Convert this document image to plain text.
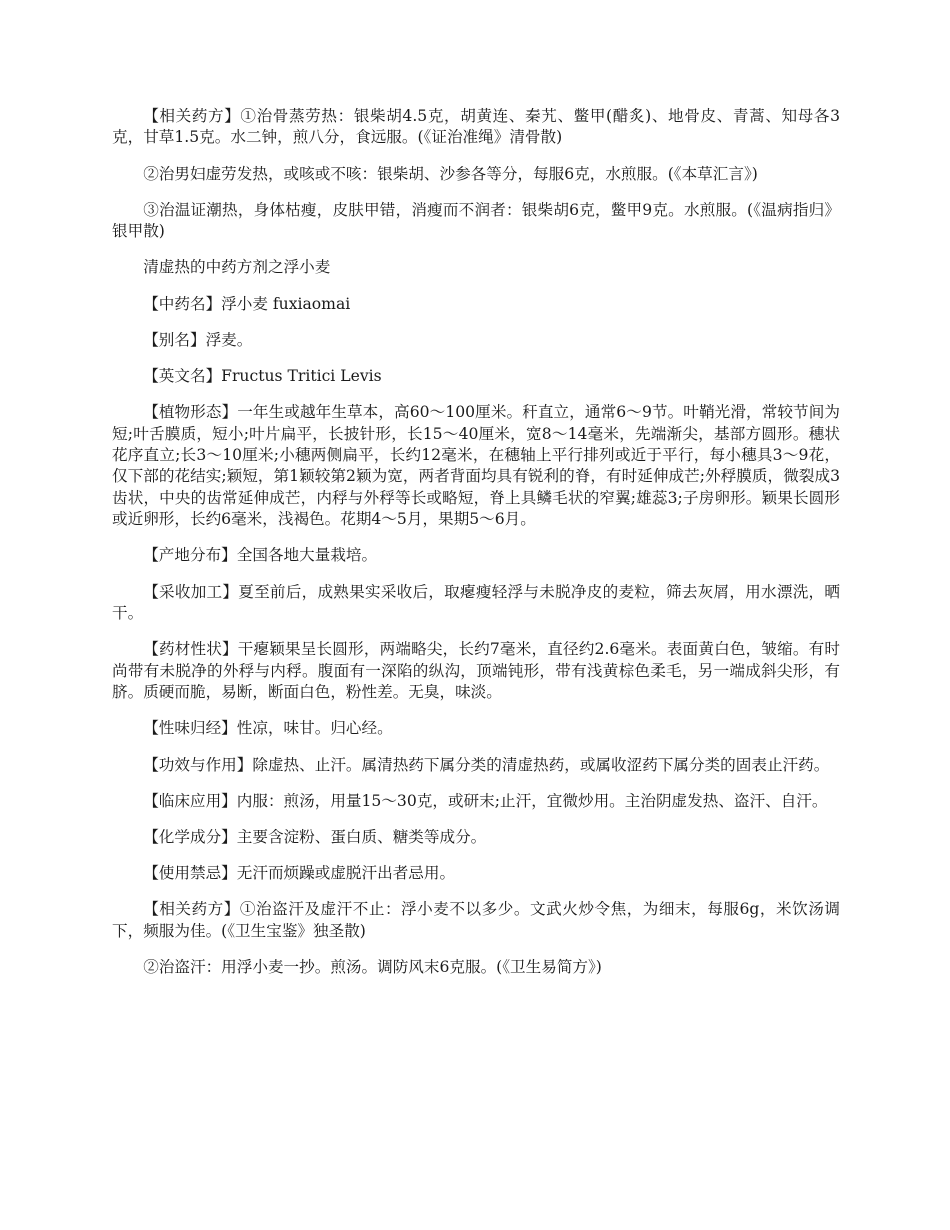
【相关药方】①治骨蒸劳热：银柴胡4.5克，胡黄连、秦艽、鳖甲(醋炙)、地骨皮、青蒿、知母各3克，甘草1.5克。水二钟，煎八分，食远服。(《证治准绳》清骨散)

②治男妇虚劳发热，或咳或不咳：银柴胡、沙参各等分，每服6克，水煎服。(《本草汇言》)

③治温证潮热，身体枯瘦，皮肤甲错，消瘦而不润者：银柴胡6克，鳖甲9克。水煎服。(《温病指归》银甲散)

清虚热的中药方剂之浮小麦

【中药名】浮小麦 fuxiaomai

【别名】浮麦。

【英文名】Fructus Tritici Levis

【植物形态】一年生或越年生草本，高60～100厘米。秆直立，通常6～9节。叶鞘光滑，常较节间为短;叶舌膜质，短小;叶片扁平，长披针形，长15～40厘米，宽8～14毫米，先端渐尖，基部方圆形。穗状花序直立;长3～10厘米;小穗两侧扁平，长约12毫米，在穗轴上平行排列或近于平行，每小穗具3～9花，仅下部的花结实;颖短，第1颖较第2颖为宽，两者背面均具有锐利的脊，有时延伸成芒;外稃膜质，微裂成3齿状，中央的齿常延伸成芒，内稃与外稃等长或略短，脊上具鳞毛状的窄翼;雄蕊3;子房卵形。颖果长圆形或近卵形，长约6毫米，浅褐色。花期4～5月，果期5～6月。

【产地分布】全国各地大量栽培。

【采收加工】夏至前后，成熟果实采收后，取瘪瘦轻浮与未脱净皮的麦粒，筛去灰屑，用水漂洗，晒干。

【药材性状】干瘪颖果呈长圆形，两端略尖，长约7毫米，直径约2.6毫米。表面黄白色，皱缩。有时尚带有未脱净的外稃与内稃。腹面有一深陷的纵沟，顶端钝形，带有浅黄棕色柔毛，另一端成斜尖形，有脐。质硬而脆，易断，断面白色，粉性差。无臭，味淡。

【性味归经】性凉，味甘。归心经。

【功效与作用】除虚热、止汗。属清热药下属分类的清虚热药，或属收涩药下属分类的固表止汗药。

【临床应用】内服：煎汤，用量15～30克，或研末;止汗，宜微炒用。主治阴虚发热、盗汗、自汗。

【化学成分】主要含淀粉、蛋白质、糖类等成分。

【使用禁忌】无汗而烦躁或虚脱汗出者忌用。

【相关药方】①治盗汗及虚汗不止：浮小麦不以多少。文武火炒令焦，为细末，每服6g，米饮汤调下，频服为佳。(《卫生宝鉴》独圣散)

②治盗汗：用浮小麦一抄。煎汤。调防风末6克服。(《卫生易简方》)
